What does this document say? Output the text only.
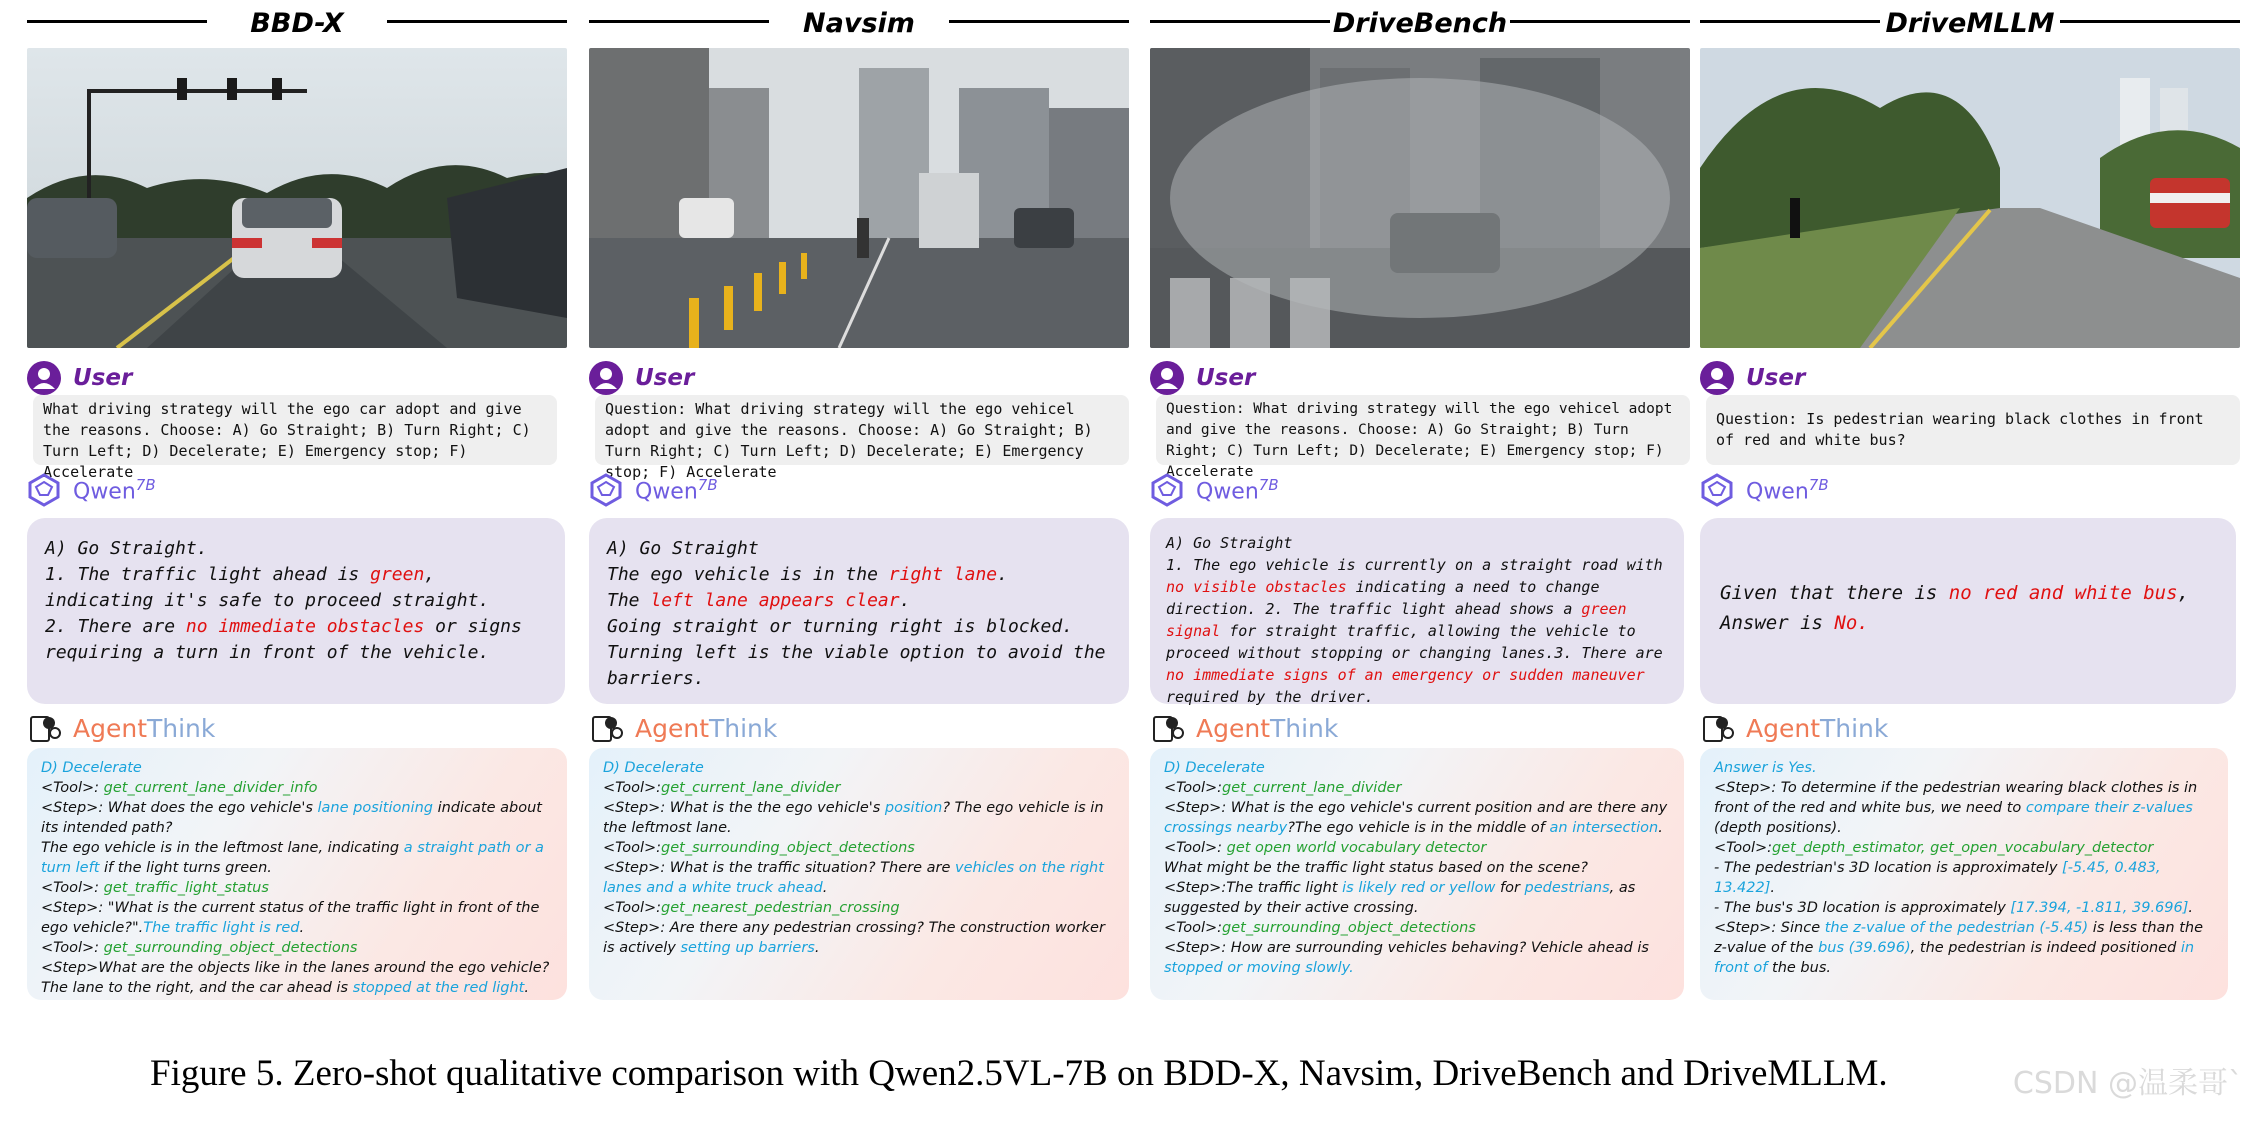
BBD-X
User
What driving strategy will the ego car adopt and give the reasons. Choose: A) Go Straight; B) Turn Right; C) Turn Left; D) Decelerate; E) Emergency stop; F) Accelerate
Qwen$^{7B}$
A) Go Straight.
1. The traffic light ahead is green, indicating it's safe to proceed straight.
2. There are no immediate obstacles or signs requiring a turn in front of the vehicle.
AgentThink
D) Decelerate
<Tool>: get_current_lane_divider_info
<Step>: What does the ego vehicle's lane positioning indicate about its intended path?
The ego vehicle is in the leftmost lane, indicating a straight path or a turn left if the light turns green.
<Tool>: get_traffic_light_status
<Step>: "What is the current status of the traffic light in front of the ego vehicle?".The traffic light is red.
<Tool>: get_surrounding_object_detections
<Step>What are the objects like in the lanes around the ego vehicle? The lane to the right, and the car ahead is stopped at the red light.
Navsim
User
Question: What driving strategy will the ego vehicel adopt and give the reasons. Choose: A) Go Straight; B) Turn Right; C) Turn Left; D) Decelerate; E) Emergency stop; F) Accelerate
Qwen$^{7B}$
A) Go Straight
The ego vehicle is in the right lane.
The left lane appears clear.
Going straight or turning right is blocked.
Turning left is the viable option to avoid the barriers.
AgentThink
D) Decelerate
<Tool>:get_current_lane_divider
<Step>: What is the the ego vehicle's position? The ego vehicle is in the leftmost lane.
<Tool>:get_surrounding_object_detections
<Step>: What is the traffic situation? There are vehicles on the right lanes and a white truck ahead.
<Tool>:get_nearest_pedestrian_crossing
<Step>: Are there any pedestrian crossing? The construction worker is actively setting up barriers.
DriveBench
User
Question: What driving strategy will the ego vehicel adopt and give the reasons. Choose: A) Go Straight; B) Turn Right; C) Turn Left; D) Decelerate; E) Emergency stop; F) Accelerate
Qwen$^{7B}$
A) Go Straight
1. The ego vehicle is currently on a straight road with no visible obstacles indicating a need to change direction. 2. The traffic light ahead shows a green signal for straight traffic, allowing the vehicle to proceed without stopping or changing lanes.3. There are no immediate signs of an emergency or sudden maneuver required by the driver.
AgentThink
D) Decelerate
<Tool>:get_current_lane_divider
<Step>: What is the ego vehicle's current position and are there any crossings nearby?The ego vehicle is in the middle of an intersection.
<Tool>: get open world vocabulary detector
What might be the traffic light status based on the scene?
<Step>:The traffic light is likely red or yellow for pedestrians, as suggested by their active crossing.
<Tool>:get_surrounding_object_detections
<Step>: How are surrounding vehicles behaving? Vehicle ahead is stopped or moving slowly.
DriveMLLM
User
Question: Is pedestrian wearing black clothes in front of red and white bus?
Qwen$^{7B}$
Given that there is no red and white bus,
Answer is No.
AgentThink
Answer is Yes.
<Step>: To determine if the pedestrian wearing black clothes is in front of the red and white bus, we need to compare their z-values (depth positions).
<Tool>:get_depth_estimator, get_open_vocabulary_detector
- The pedestrian's 3D location is approximately [-5.45, 0.483, 13.422].
- The bus's 3D location is approximately [17.394, -1.811, 39.696].
<Step>: Since the z-value of the pedestrian (-5.45) is less than the z-value of the bus (39.696), the pedestrian is indeed positioned in front of the bus.
Figure 5. Zero-shot qualitative comparison with Qwen2.5VL-7B on BDD-X, Navsim, DriveBench and DriveMLLM.	CSDN @温柔哥`
